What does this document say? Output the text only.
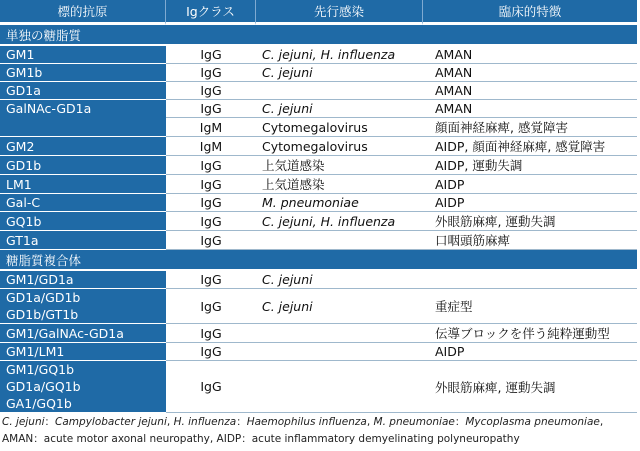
標的抗原	Igクラス	先行感染	臨床的特徴
単独の糖脂質			
GM1	IgG	C. jejuni, H. influenza	AMAN
GM1b	IgG	C. jejuni	AMAN
GD1a	IgG		AMAN
GalNAc-GD1a	IgG	C. jejuni	AMAN
	IgM	Cytomegalovirus	顔面神経麻痺, 感覚障害
GM2	IgM	Cytomegalovirus	AIDP, 顔面神経麻痺, 感覚障害
GD1b	IgG	上気道感染	AIDP, 運動失調
LM1	IgG	上気道感染	AIDP
Gal-C	IgG	M. pneumoniae	AIDP
GQ1b	IgG	C. jejuni, H. influenza	外眼筋麻痺, 運動失調
GT1a	IgG		口咽頭筋麻痺
糖脂質複合体			
GM1/GD1a	IgG	C. jejuni	

GD1a/GD1b
GD1b/GT1b	IgG	C. jejuni	重症型
GM1/GalNAc-GD1a	IgG		伝導ブロックを伴う純粋運動型
GM1/LM1	IgG		AIDP

GM1/GQ1b
GD1a/GQ1b
GA1/GQ1b	IgG		外眼筋麻痺, 運動失調
C. jejuni：Campylobacter jejuni, H. influenza：Haemophilus influenza, M. pneumoniae：Mycoplasma pneumoniae,
AMAN：acute motor axonal neuropathy, AIDP：acute inflammatory demyelinating polyneuropathy
